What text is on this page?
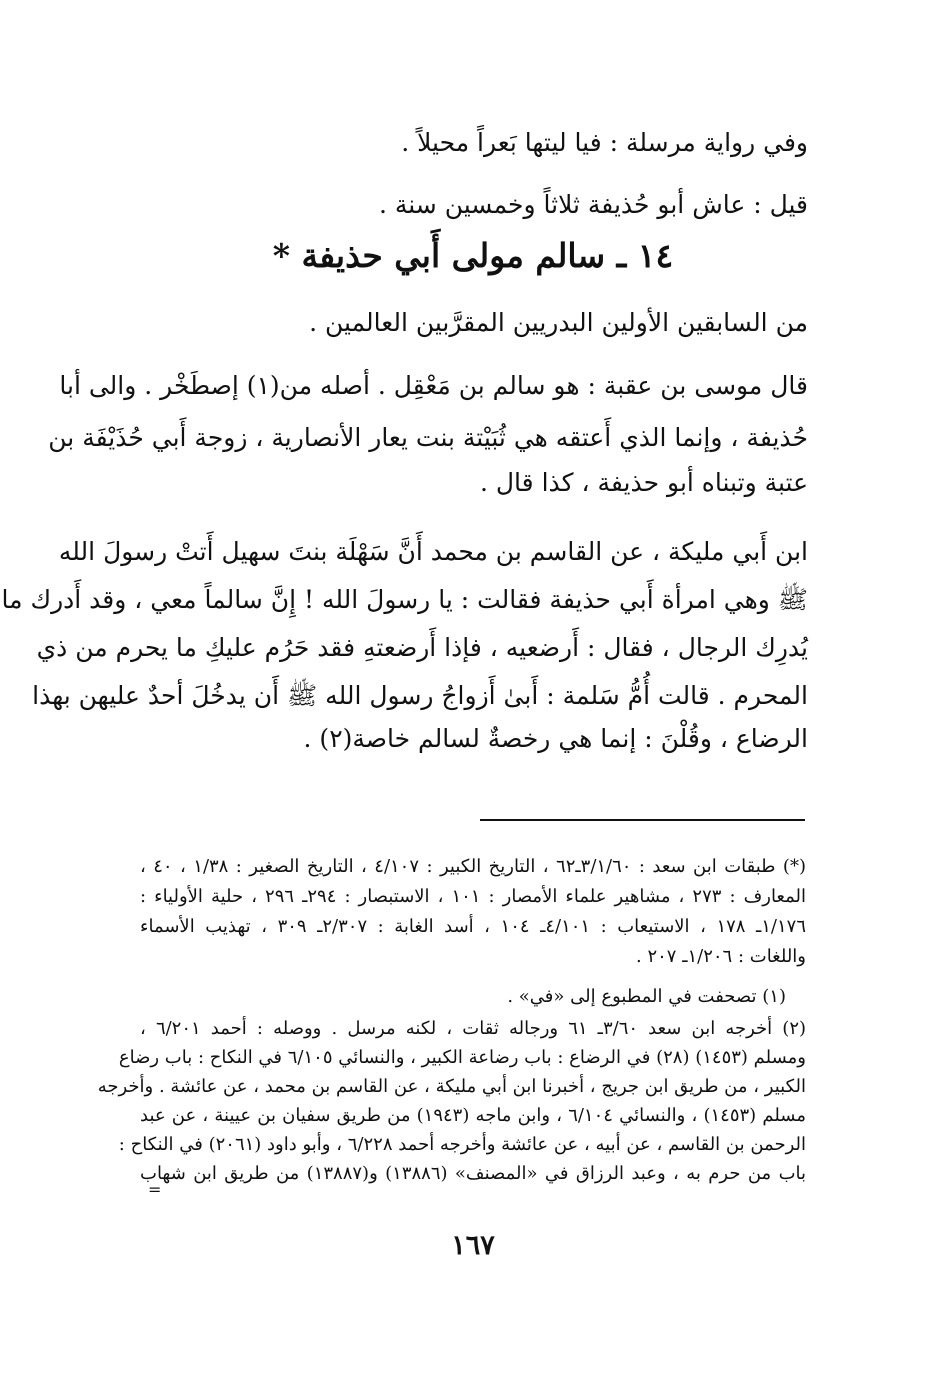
وفي رواية مرسلة : فيا ليتها بَعراً محيلاً .
قيل : عاش أبو حُذيفة ثلاثاً وخمسين سنة .
١٤ ـ سالم مولى أَبي حذيفة *
من السابقين الأولين البدريين المقرَّبين العالمين .
قال موسى بن عقبة : هو سالم بن مَعْقِل . أصله من(١) إصطَخْر . والى أبا
حُذيفة ، وإنما الذي أَعتقه هي ثُبَيْتة بنت يعار الأنصارية ، زوجة أَبي حُذَيْفَة بن
عتبة وتبناه أبو حذيفة ، كذا قال .
ابن أَبي مليكة ، عن القاسم بن محمد أَنَّ سَهْلَة بنتَ سهيل أَتتْ رسولَ الله
ﷺ وهي امرأة أَبي حذيفة فقالت : يا رسولَ الله ! إِنَّ سالماً معي ، وقد أَدرك ما
يُدرِك الرجال ، فقال : أَرضعيه ، فإذا أَرضعتهِ فقد حَرُم عليكِ ما يحرم من ذي
المحرم . قالت أُمُّ سَلمة : أَبىٰ أَزواجُ رسول الله ﷺ أَن يدخُلَ أحدٌ عليهن بهذا
الرضاع ، وقُلْنَ : إنما هي رخصةٌ لسالم خاصة(٢) .
(*) طبقات ابن سعد : ٣/١/٦٠ـ٦٢ ، التاريخ الكبير : ٤/١٠٧ ، التاريخ الصغير : ١/٣٨ ، ٤٠ ،
المعارف : ٢٧٣ ، مشاهير علماء الأمصار : ١٠١ ، الاستبصار : ٢٩٤ـ ٢٩٦ ، حلية الأولياء :
١/١٧٦ـ ١٧٨ ، الاستيعاب : ٤/١٠١ـ ١٠٤ ، أسد الغابة : ٢/٣٠٧ـ ٣٠٩ ، تهذيب الأسماء
واللغات : ١/٢٠٦ـ ٢٠٧ .
(١) تصحفت في المطبوع إلى «في» .
(٢) أخرجه ابن سعد ٣/٦٠ـ ٦١ ورجاله ثقات ، لكنه مرسل . ووصله : أحمد ٦/٢٠١ ،
ومسلم (١٤٥٣) (٢٨) في الرضاع : باب رضاعة الكبير ، والنسائي ٦/١٠٥ في النكاح : باب رضاع
الكبير ، من طريق ابن جريج ، أخبرنا ابن أبي مليكة ، عن القاسم بن محمد ، عن عائشة . وأخرجه
مسلم (١٤٥٣) ، والنسائي ٦/١٠٤ ، وابن ماجه (١٩٤٣) من طريق سفيان بن عيينة ، عن عبد
الرحمن بن القاسم ، عن أبيه ، عن عائشة وأخرجه أحمد ٦/٢٢٨ ، وأبو داود (٢٠٦١) في النكاح :
باب من حرم به ، وعبد الرزاق في «المصنف» (١٣٨٨٦) و(١٣٨٨٧) من طريق ابن شهاب
=
١٦٧
